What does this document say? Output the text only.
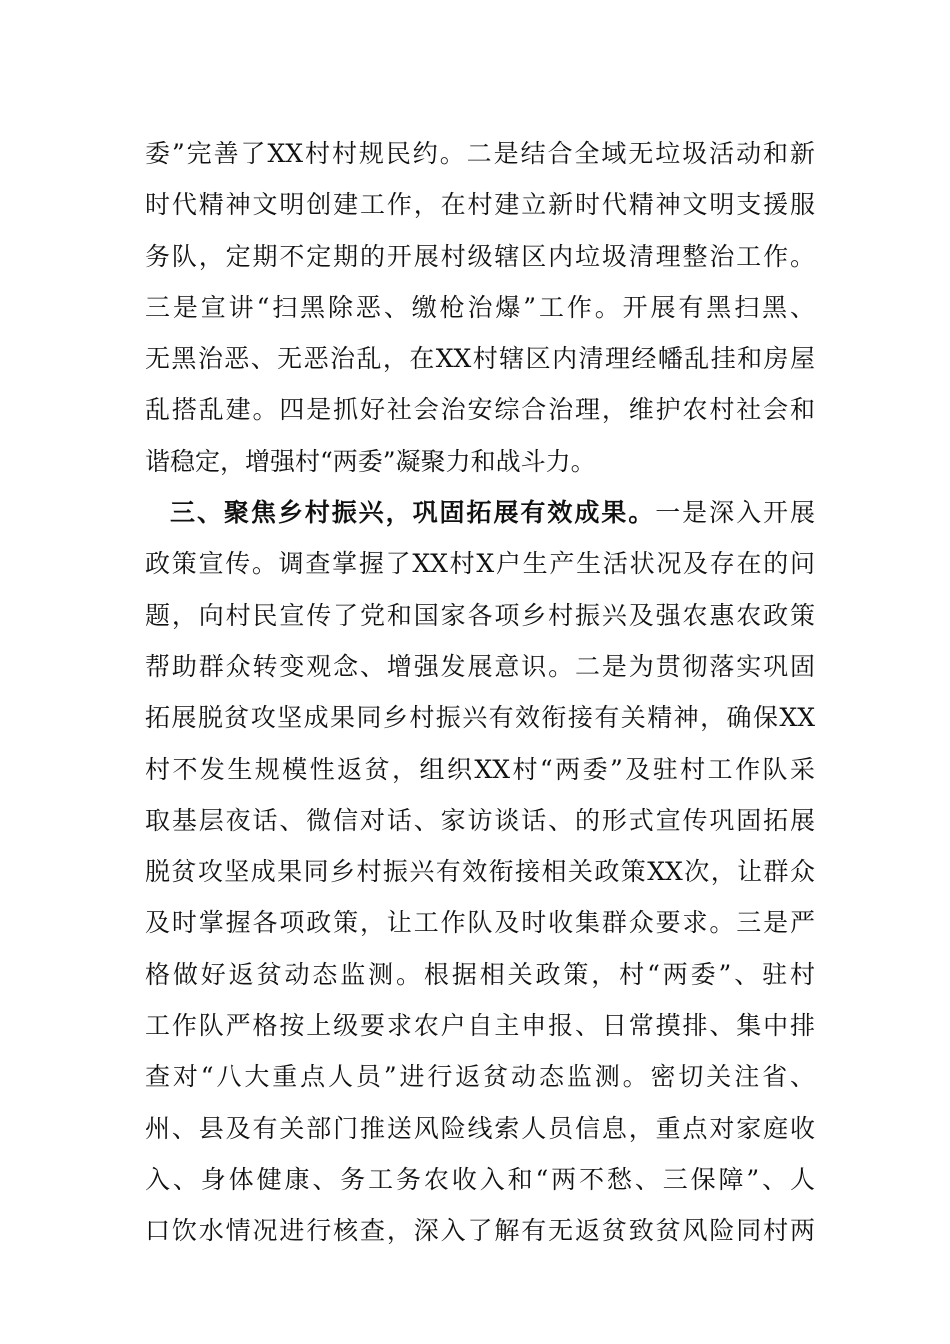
委”完善了XX村村规民约。二是结合全域无垃圾活动和新
时代精神文明创建工作，在村建立新时代精神文明支援服
务队，定期不定期的开展村级辖区内垃圾清理整治工作。
三是宣讲“扫黑除恶、缴枪治爆”工作。开展有黑扫黑、
无黑治恶、无恶治乱，在XX村辖区内清理经幡乱挂和房屋
乱搭乱建。四是抓好社会治安综合治理，维护农村社会和
谐稳定，增强村“两委”凝聚力和战斗力。
三、聚焦乡村振兴，巩固拓展有效成果。一是深入开展
政策宣传。调查掌握了XX村X户生产生活状况及存在的问
题，向村民宣传了党和国家各项乡村振兴及强农惠农政策
帮助群众转变观念、增强发展意识。二是为贯彻落实巩固
拓展脱贫攻坚成果同乡村振兴有效衔接有关精神，确保XX
村不发生规模性返贫，组织XX村“两委”及驻村工作队采
取基层夜话、微信对话、家访谈话、的形式宣传巩固拓展
脱贫攻坚成果同乡村振兴有效衔接相关政策XX次，让群众
及时掌握各项政策，让工作队及时收集群众要求。三是严
格做好返贫动态监测。根据相关政策，村“两委”、驻村
工作队严格按上级要求农户自主申报、日常摸排、集中排
查对“八大重点人员”进行返贫动态监测。密切关注省、
州、县及有关部门推送风险线索人员信息，重点对家庭收
入、身体健康、务工务农收入和“两不愁、三保障”、人
口饮水情况进行核查，深入了解有无返贫致贫风险同村两
